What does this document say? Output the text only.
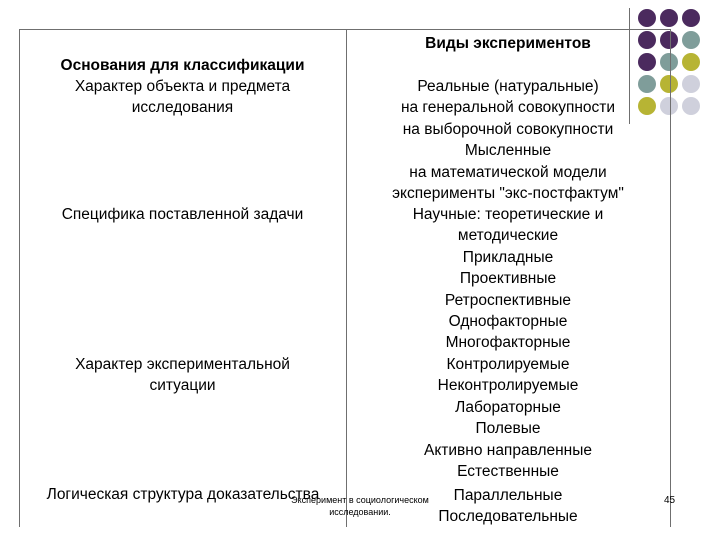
Виды экспериментов
Основания для классификации
Характер объекта и предмета
исследования
Реальные (натуральные)
на генеральной совокупности
на выборочной совокупности
Мысленные
на математической модели
эксперименты "экс-постфактум"
Специфика поставленной задачи	Научные: теоретические и
методические
Прикладные
Проективные
Ретроспективные
Однофакторные
Многофакторные
Характер экспериментальной
ситуации
Контролируемые
Неконтролируемые
Лабораторные
Полевые
Активно направленные
Естественные
Логическая структура доказательства	Параллельные
Последовательные
Эксперимент в социологическом
исследовании.
45
